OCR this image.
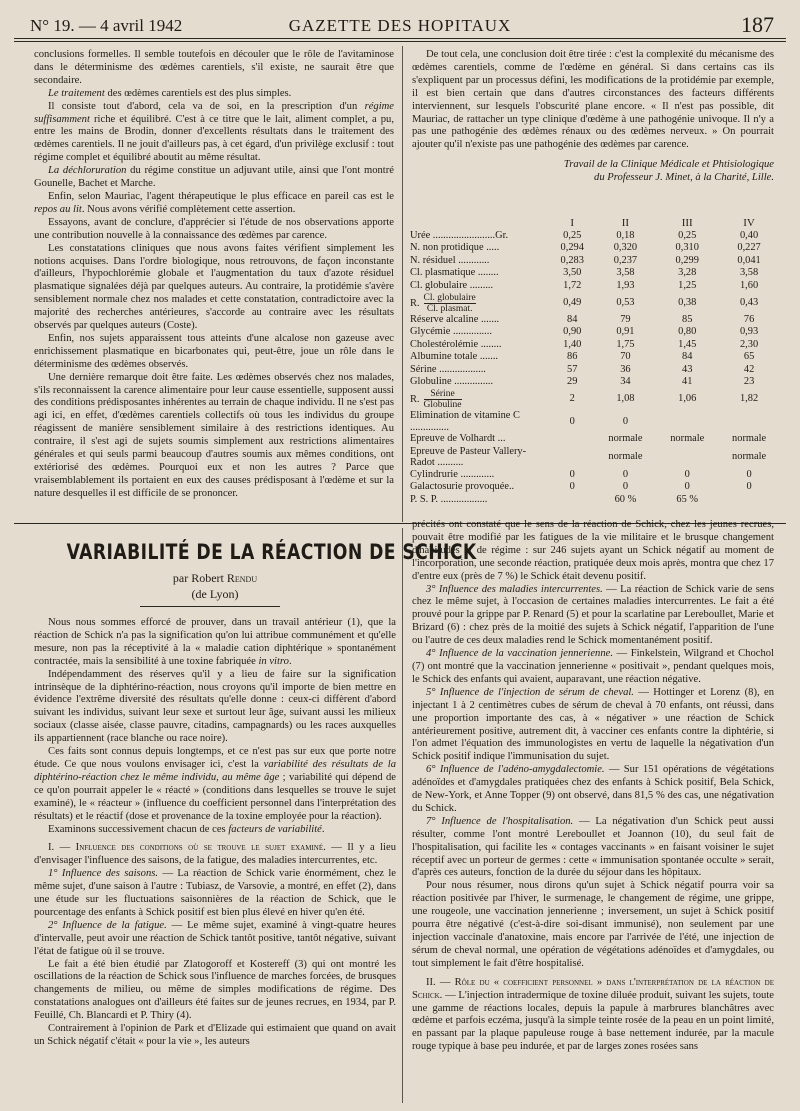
N° 19. — 4 avril 1942	GAZETTE DES HOPITAUX	187

conclusions formelles. Il semble toutefois en découler que le rôle de l'avitaminose dans le déterminisme des œdèmes carentiels, s'il existe, ne saurait être que secondaire.

Le traitement des œdèmes carentiels est des plus simples.

Il consiste tout d'abord, cela va de soi, en la prescription d'un régime suffisamment riche et équilibré. C'est à ce titre que le lait, aliment complet, a pu, entre les mains de Brodin, donner d'excellents résultats dans le traitement des œdèmes carentiels. Il ne jouit d'ailleurs pas, à cet égard, d'un privilège exclusif : tout régime complet et équilibré aboutit au même résultat.

La déchloruration du régime constitue un adjuvant utile, ainsi que l'ont montré Gounelle, Bachet et Marche.

Enfin, selon Mauriac, l'agent thérapeutique le plus efficace en pareil cas est le repos au lit. Nous avons vérifié complètement cette assertion.

Essayons, avant de conclure, d'apprécier si l'étude de nos observations apporte une contribution nouvelle à la connaissance des œdèmes par carence.

Les constatations cliniques que nous avons faites vérifient simplement les notions acquises. Dans l'ordre biologique, nous retrouvons, de façon inconstante d'ailleurs, l'hypochlorémie globale et l'augmentation du taux d'azote résiduel plasmatique signalées déjà par quelques auteurs. Au contraire, la protidémie s'avère sensiblement normale chez nos malades et cette constatation, contradictoire avec la majorité des recherches antérieures, s'accorde au contraire avec les résultats observés par quelques auteurs (Coste).

Enfin, nos sujets apparaissent tous atteints d'une alcalose non gazeuse avec enrichissement plasmatique en bicarbonates qui, peut-être, joue un rôle dans le déterminisme des œdèmes observés.

Une dernière remarque doit être faite. Les œdèmes observés chez nos malades, s'ils reconnaissent la carence alimentaire pour leur cause essentielle, supposent aussi des conditions prédisposantes inhérentes au terrain de chaque individu. Il ne s'est pas agi ici, en effet, d'œdèmes carentiels collectifs où tous les individus du groupe réagissent de manière sensiblement similaire à des restrictions identiques. Au contraire, il s'est agi de sujets soumis simplement aux restrictions alimentaires générales et qui seuls parmi beaucoup d'autres soumis aux mêmes conditions, ont extériorisé des œdèmes. Pourquoi eux et non les autres ? Parce que vraisemblablement ils portaient en eux des causes prédisposant à l'œdème et sur la nature desquelles il est difficile de se prononcer.

De tout cela, une conclusion doit être tirée : c'est la complexité du mécanisme des œdèmes carentiels, comme de l'œdème en général. Si dans certains cas ils s'expliquent par un processus défini, les modifications de la protidémie par exemple, il est bien certain que dans d'autres circonstances des facteurs différents interviennent, sur lesquels l'obscurité plane encore. « Il n'est pas possible, dit Mauriac, de rattacher un type clinique d'œdème à une pathogénie univoque. Il n'y a pas une pathogénie des œdèmes rénaux ou des œdèmes nerveux. » On pourrait ajouter qu'il n'existe pas une pathogénie des œdèmes par carence.

Travail de la Clinique Médicale et Phtisiologique
du Professeur J. Minet, à la Charité, Lille.
	I	II	III	IV
Urée ........................Gr.	0,25	0,18	0,25	0,40
N. non protidique .....	0,294	0,320	0,310	0,227
N. résiduel ............	0,283	0,237	0,299	0,041
Cl. plasmatique ........	3,50	3,58	3,28	3,58
Cl. globulaire .........	1,72	1,93	1,25	1,60
R. $\frac{\text{Cl. globulaire}}{\text{Cl. plasmat.}}$	0,49	0,53	0,38	0,43
Réserve alcaline .......	84	79	85	76
Glycémie ...............	0,90	0,91	0,80	0,93
Cholestérolémie ........	1,40	1,75	1,45	2,30
Albumine totale .......	86	70	84	65
Sérine ..................	57	36	43	42
Globuline ...............	29	34	41	23
R. $\frac{\text{Sérine}}{\text{Globuline}}$	2	1,08	1,06	1,82
Elimination de vitamine C ...............	0	0		
Epreuve de Volhardt ...		normale	normale	normale
Epreuve de Pasteur Vallery-Radot ..........		normale		normale
Cylindrurie .............	0	0	0	0
Galactosurie provoquée..	0	0	0	0
P. S. P. ..................		60 %	65 %	
VARIABILITÉ DE LA RÉACTION DE SCHICK
par Robert Rendu
(de Lyon)

Nous nous sommes efforcé de prouver, dans un travail antérieur (1), que la réaction de Schick n'a pas la signification qu'on lui attribue communément et qu'elle mesure, non pas la réceptivité à la « maladie cation diphtérique » spontanément contractée, mais la sensibilité à une toxine fabriquée in vitro.

Indépendamment des réserves qu'il y a lieu de faire sur la signification intrinsèque de la diphtérino-réaction, nous croyons qu'il importe de bien mettre en évidence l'extrême diversité des résultats qu'elle donne : ceux-ci diffèrent d'abord suivant les individus, suivant leur sexe et surtout leur âge, suivant aussi les milieux sociaux (classe aisée, classe pauvre, citadins, campagnards) ou les races auxquelles ils appartiennent (race blanche ou race noire).

Ces faits sont connus depuis longtemps, et ce n'est pas sur eux que porte notre étude. Ce que nous voulons envisager ici, c'est la variabilité des résultats de la diphtérino-réaction chez le même individu, au même âge ; variabilité qui dépend de ce qu'on pourrait appeler le « réacté » (conditions dans lesquelles se trouve le sujet examiné), le « réacteur » (influence du coefficient personnel dans l'interprétation des résultats) et le réactif (dose et provenance de la toxine employée pour la réaction).

Examinons successivement chacun de ces facteurs de variabilité.

I. — Influence des conditions où se trouve le sujet examiné. — Il y a lieu d'envisager l'influence des saisons, de la fatigue, des maladies intercurrentes, etc.

1° Influence des saisons. — La réaction de Schick varie énormément, chez le même sujet, d'une saison à l'autre : Tubiasz, de Varsovie, a montré, en effet (2), dans une étude sur les fluctuations saisonnières de la réaction de Schick, que le pourcentage des enfants à Schick positif est bien plus élevé en hiver qu'en été.

2° Influence de la fatigue. — Le même sujet, examiné à vingt-quatre heures d'intervalle, peut avoir une réaction de Schick tantôt positive, tantôt négative, suivant l'état de fatigue où il se trouve.

Le fait a été bien étudié par Zlatogoroff et Kostereff (3) qui ont montré les oscillations de la réaction de Schick sous l'influence de marches forcées, de brusques changements de milieu, ou même de simples modifications de régime. Des constatations analogues ont d'ailleurs été faites sur de jeunes recrues, en 1934, par P. Feuillé, Ch. Blancardi et P. Thiry (4).

Contrairement à l'opinion de Park et d'Elizade qui estimaient que quand on avait un Schick négatif c'était « pour la vie », les auteurs

précités ont constaté que le sens de la réaction de Schick, chez les jeunes recrues, pouvait être modifié par les fatigues de la vie militaire et le brusque changement d'habitudes et de régime : sur 246 sujets ayant un Schick négatif au moment de l'incorporation, une seconde réaction, pratiquée deux mois après, montra que chez 17 d'entre eux (près de 7 %) le Schick était devenu positif.

3° Influence des maladies intercurrentes. — La réaction de Schick varie de sens chez le même sujet, à l'occasion de certaines maladies intercurrentes. Le fait a été prouvé pour la grippe par P. Renard (5) et pour la scarlatine par Lereboullet, Marie et Brizard (6) : chez près de la moitié des sujets à Schick négatif, l'apparition de l'une ou l'autre de ces deux maladies rend le Schick momentanément positif.

4° Influence de la vaccination jennerienne. — Finkelstein, Wilgrand et Chochol (7) ont montré que la vaccination jennerienne « positivait », pendant quelques mois, le Schick des enfants qui avaient, auparavant, une réaction négative.

5° Influence de l'injection de sérum de cheval. — Hottinger et Lorenz (8), en injectant 1 à 2 centimètres cubes de sérum de cheval à 70 enfants, ont réussi, dans une proportion importante des cas, à « négativer » une réaction de Schick antérieurement positive, autrement dit, à vacciner ces enfants contre la diphtérie, si l'on admet l'équation des immunologistes en vertu de laquelle la négativation d'un Schick positif indique l'immunisation du sujet.

6° Influence de l'adéno-amygdalectomie. — Sur 151 opérations de végétations adénoïdes et d'amygdales pratiquées chez des enfants à Schick positif, Bela Schick, de New-York, et Anne Topper (9) ont observé, dans 81,5 % des cas, une négativation du Schick.

7° Influence de l'hospitalisation. — La négativation d'un Schick peut aussi résulter, comme l'ont montré Lereboullet et Joannon (10), du seul fait de l'hospitalisation, qui facilite les « contages vaccinants » en faisant voisiner le sujet réceptif avec un porteur de germes : cette « immunisation spontanée occulte » serait, d'après ces auteurs, fonction de la durée du séjour dans les hôpitaux.

Pour nous résumer, nous dirons qu'un sujet à Schick négatif pourra voir sa réaction positivée par l'hiver, le surmenage, le changement de régime, une grippe, une rougeole, une vaccination jennerienne ; inversement, un sujet à Schick positif pourra être négativé (c'est-à-dire soi-disant immunisé), non seulement par une injection vaccinale d'anatoxine, mais encore par l'arrivée de l'été, une injection de sérum de cheval normal, une opération de végétations adénoïdes et d'amygdales, ou tout simplement le fait d'être hospitalisé.

II. — Rôle du « coefficient personnel » dans l'interprétation de la réaction de Schick. — L'injection intradermique de toxine diluée produit, suivant les sujets, toute une gamme de réactions locales, depuis la papule à marbrures blanchâtres avec œdème et parfois eczéma, jusqu'à la simple teinte rosée de la peau en un point limité, en passant par la plaque papuleuse rouge à base nettement indurée, par la macule rouge typique à base peu indurée, et par de larges zones rosées sans
